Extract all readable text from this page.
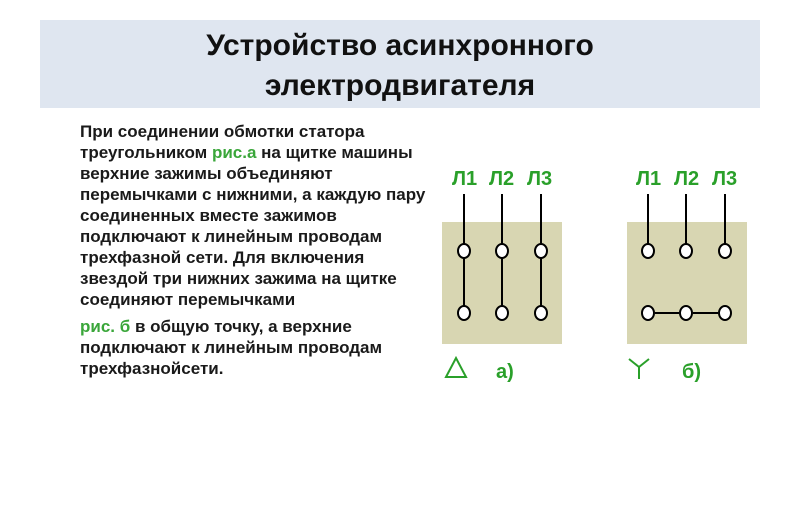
Устройство асинхронного
электродвигателя

При соединении обмотки статора треугольником рис.а на щитке машины верхние зажимы объединяют перемычками с нижними, а каждую пару соединенных вместе зажимов подключают к линейным проводам трехфазной сети. Для включения звездой три нижних зажима на щитке соединяют перемычками

рис. б в общую точку, а верхние подключают к линейным проводам трехфазнойсети.

Л1 Л2 Л3
а)
Л1 Л2 Л3
б)
